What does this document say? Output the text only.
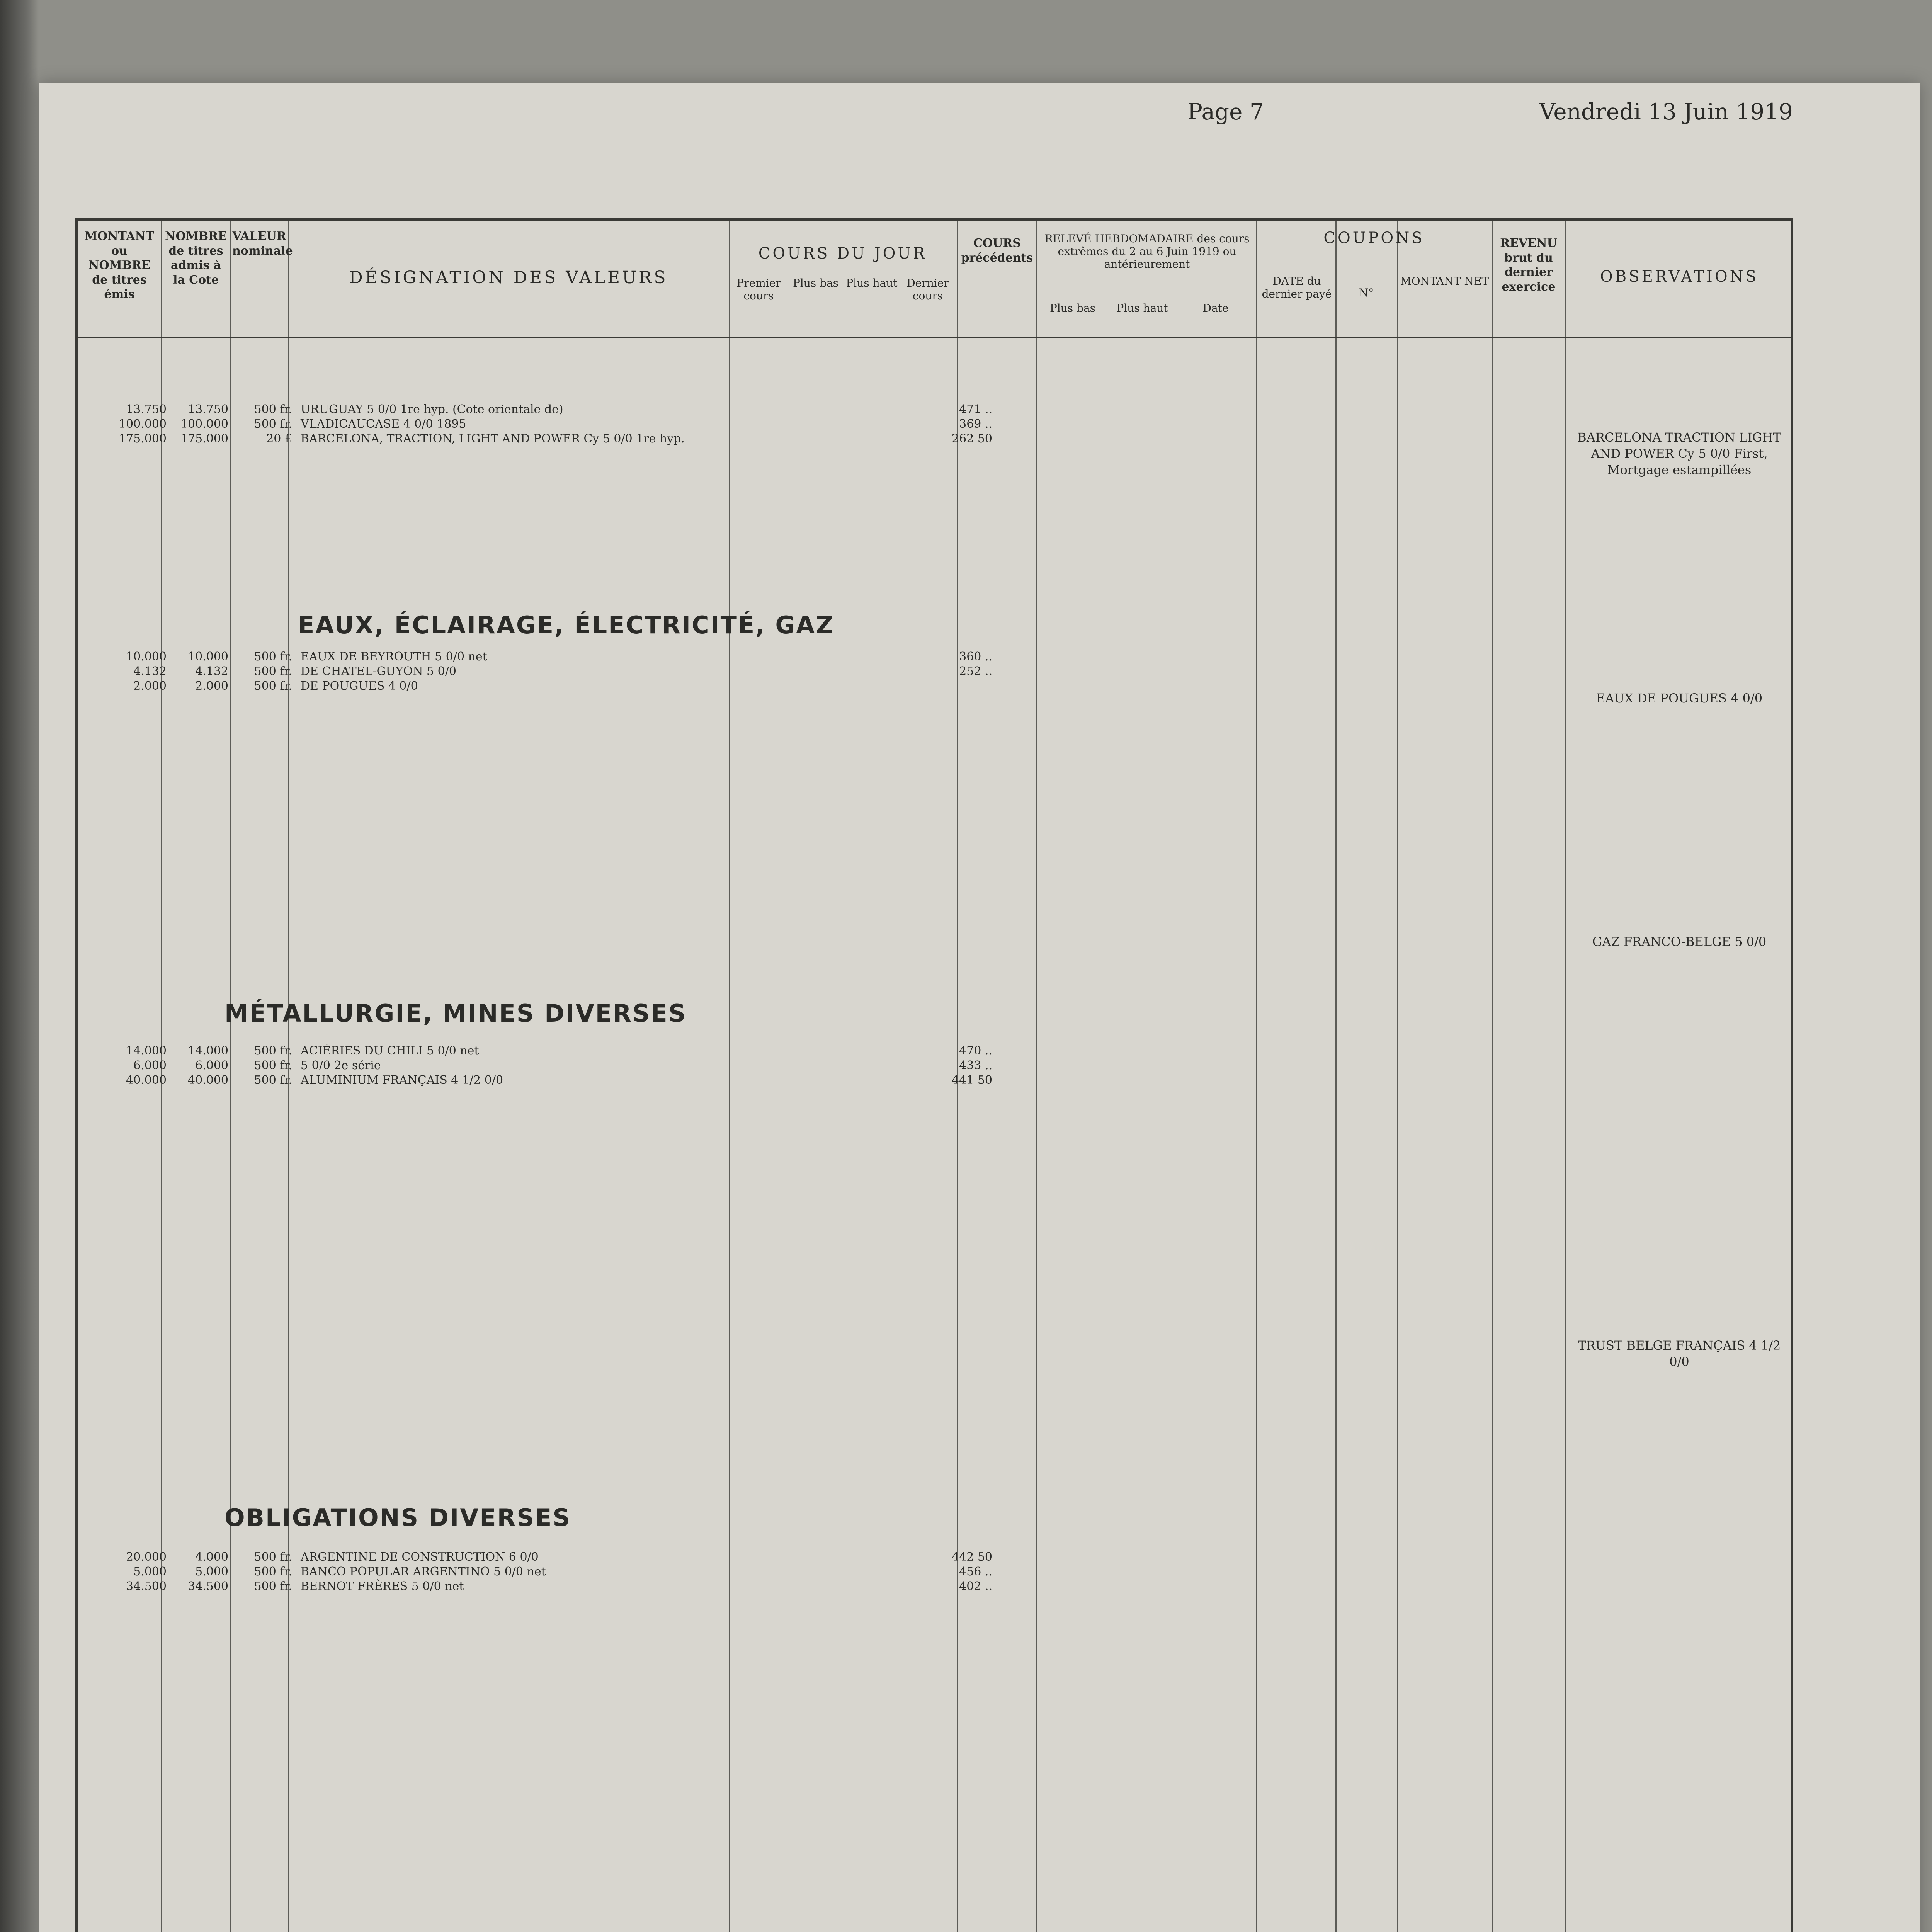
Page 7	Vendredi 13 Juin 1919
MONTANT ou NOMBRE de titres émis
NOMBRE de titres admis à la Cote
VALEUR nominale
DÉSIGNATION DES VALEURS
COURS DU JOUR
Premier cours
Plus bas Plus haut Dernier cours
COURS précédents
RELEVÉ HEBDOMADAIRE des cours extrêmes du 2 au 6 Juin 1919 ou antérieurement
Plus bas	Plus haut	Date
COUPONS
DATE du dernier payé	N°
MONTANT NET
REVENU brut du dernier exercice
OBSERVATIONS
13.750	13.750	500 fr. URUGUAY 5 0/0 1re hyp. (Cote orientale de)	471 ..
100.000	100.000	500 fr. VLADICAUCASE 4 0/0 1895	369 ..
175.000	175.000	20 £ BARCELONA, TRACTION, LIGHT AND POWER Cy 5 0/0 1re hyp.	262 50
EAUX, ÉCLAIRAGE, ÉLECTRICITÉ, GAZ
10.000	10.000	500 fr. EAUX DE BEYROUTH 5 0/0 net	360 ..
4.132	4.132	500 fr. DE CHATEL-GUYON 5 0/0	252 ..
2.000	2.000	500 fr. DE POUGUES 4 0/0
MÉTALLURGIE, MINES DIVERSES
14.000	14.000	500 fr. ACIÉRIES DU CHILI 5 0/0 net	470 ..
6.000	6.000	500 fr. 5 0/0 2e série	433 ..
40.000	40.000	500 fr. ALUMINIUM FRANÇAIS 4 1/2 0/0	441 50
OBLIGATIONS DIVERSES
20.000	4.000	500 fr. ARGENTINE DE CONSTRUCTION 6 0/0	442 50
5.000	5.000	500 fr. BANCO POPULAR ARGENTINO 5 0/0 net	456 ..
34.500	34.500	500 fr. BERNOT FRÈRES 5 0/0 net	402 ..
BARCELONA TRACTION LIGHT AND POWER Cy 5 0/0 First, Mortgage estampillées
EAUX DE POUGUES 4 0/0
GAZ FRANCO-BELGE 5 0/0
TRUST BELGE FRANÇAIS 4 1/2 0/0
